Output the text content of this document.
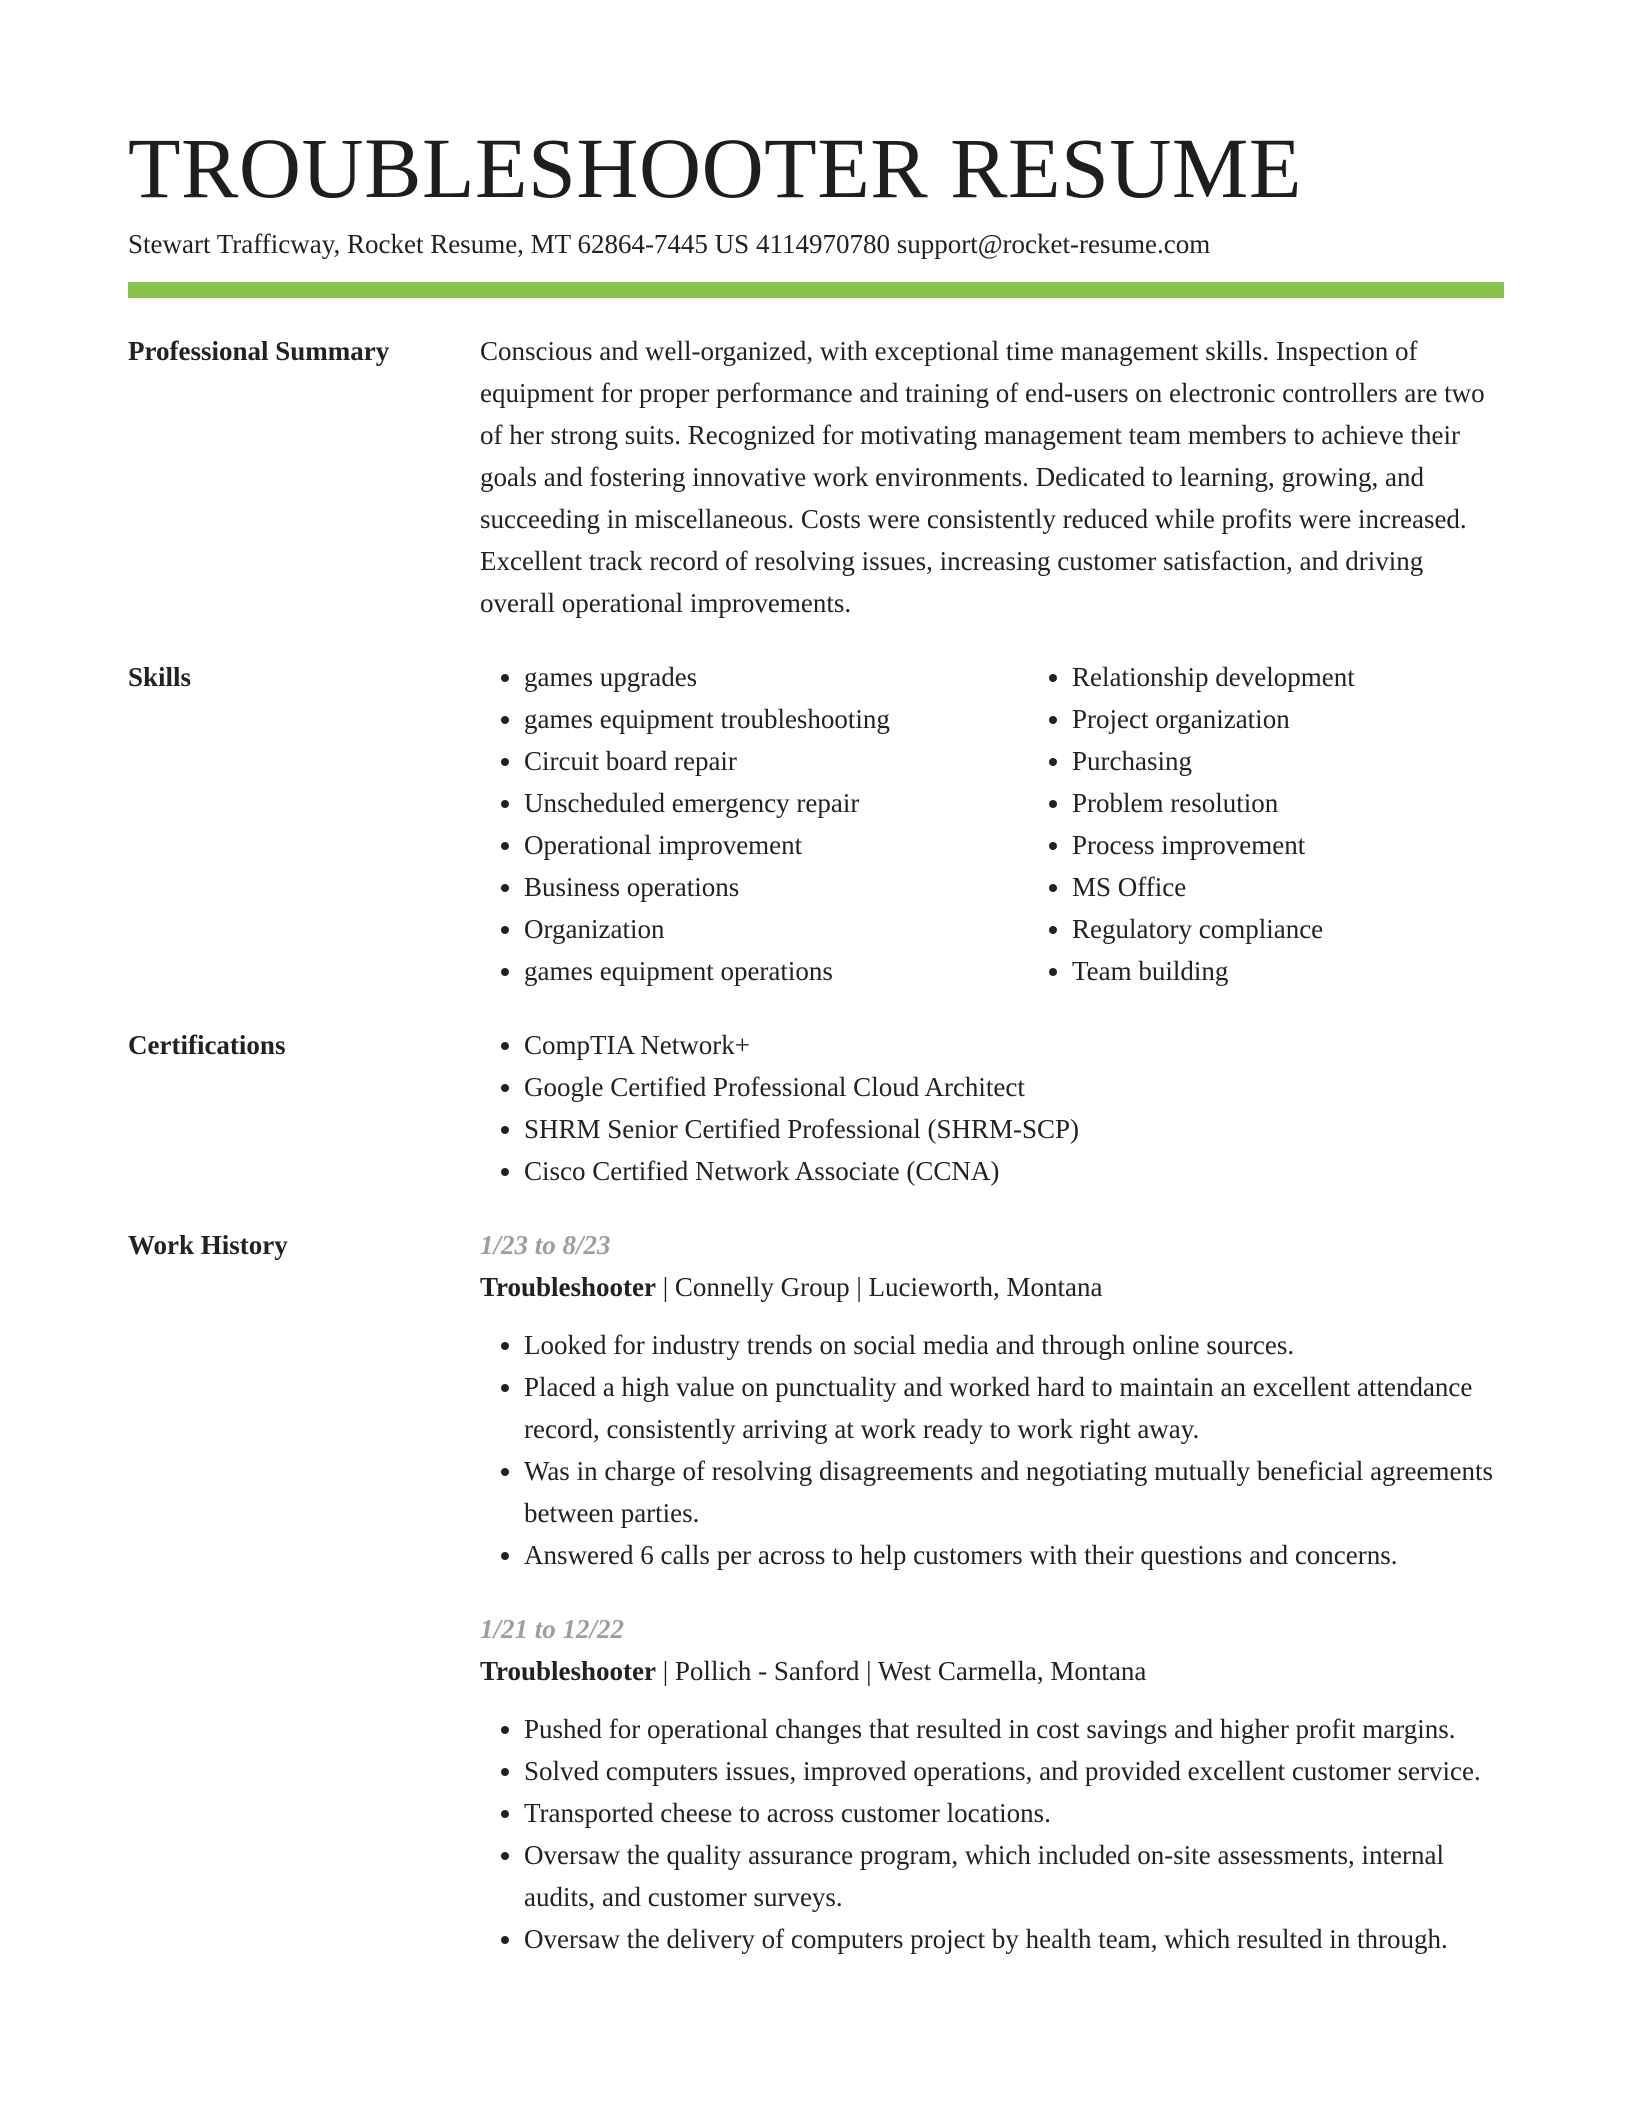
TROUBLESHOOTER RESUME
Stewart Trafficway, Rocket Resume, MT 62864-7445 US 4114970780 support@rocket-resume.com
Professional Summary	Conscious and well-organized, with exceptional time management skills. Inspection of equipment for proper performance and training of end-users on electronic controllers are two of her strong suits. Recognized for motivating management team members to achieve their goals and fostering innovative work environments. Dedicated to learning, growing, and succeeding in miscellaneous. Costs were consistently reduced while profits were increased. Excellent track record of resolving issues, increasing customer satisfaction, and driving overall operational improvements.
Skills	• games upgrades
• games equipment troubleshooting
• Circuit board repair
• Unscheduled emergency repair
• Operational improvement
• Business operations
• Organization
• games equipment operations
• Relationship development
• Project organization
• Purchasing
• Problem resolution
• Process improvement
• MS Office
• Regulatory compliance
• Team building
Certifications	• CompTIA Network+
• Google Certified Professional Cloud Architect
• SHRM Senior Certified Professional (SHRM-SCP)
• Cisco Certified Network Associate (CCNA)
Work History	1/23 to 8/23
Troubleshooter | Connelly Group | Lucieworth, Montana
• Looked for industry trends on social media and through online sources.
• Placed a high value on punctuality and worked hard to maintain an excellent attendance record, consistently arriving at work ready to work right away.
• Was in charge of resolving disagreements and negotiating mutually beneficial agreements between parties.
• Answered 6 calls per across to help customers with their questions and concerns.
1/21 to 12/22
Troubleshooter | Pollich - Sanford | West Carmella, Montana
• Pushed for operational changes that resulted in cost savings and higher profit margins.
• Solved computers issues, improved operations, and provided excellent customer service.
• Transported cheese to across customer locations.
• Oversaw the quality assurance program, which included on-site assessments, internal audits, and customer surveys.
• Oversaw the delivery of computers project by health team, which resulted in through.
